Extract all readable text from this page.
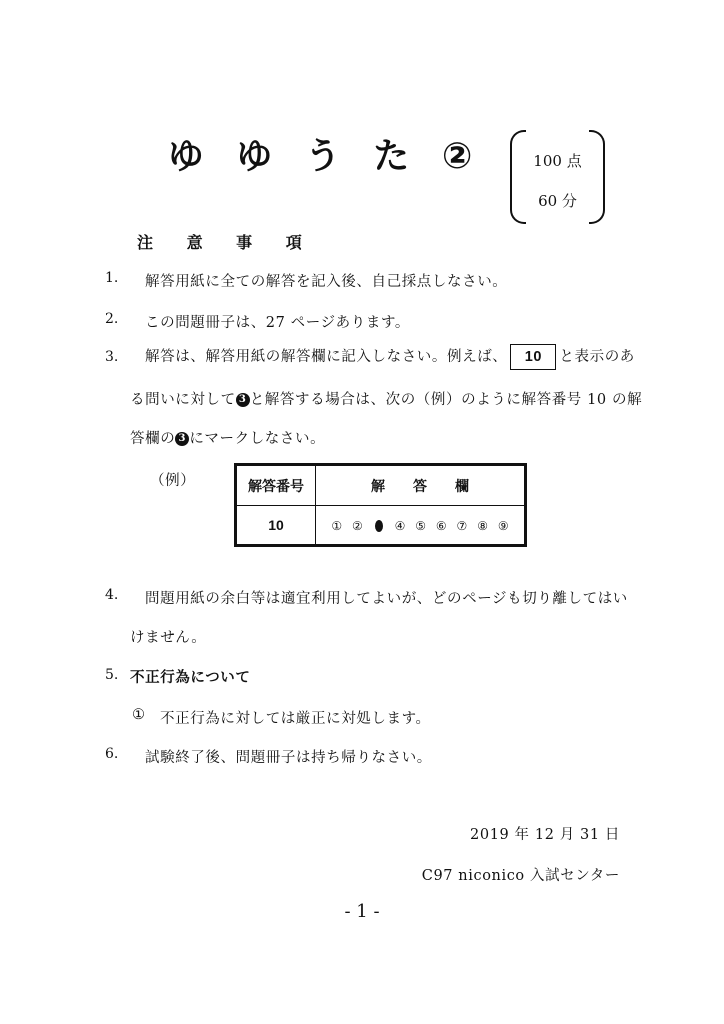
ゆ ゆ う た ②	100 点
60 分
注 意 事 項
1. 解答用紙に全ての解答を記入後、自己採点しなさい。
2. この問題冊子は、27 ページあります。
3. 解答は、解答用紙の解答欄に記入しなさい。例えば、 10 と表示のあ
る問いに対して 3 と解答する場合は、次の（例）のように解答番号 10 の解
答欄の 3 にマークしなさい。
（例）	解答番号	解　　答　　欄
10	① ② ④ ⑤ ⑥ ⑦ ⑧ ⑨
4. 問題用紙の余白等は適宜利用してよいが、どのページも切り離してはい
けません。
5. 不正行為について
① 不正行為に対しては厳正に対処します。
6. 試験終了後、問題冊子は持ち帰りなさい。
2019 年 12 月 31 日
C97 niconico 入試センター
- 1 -
